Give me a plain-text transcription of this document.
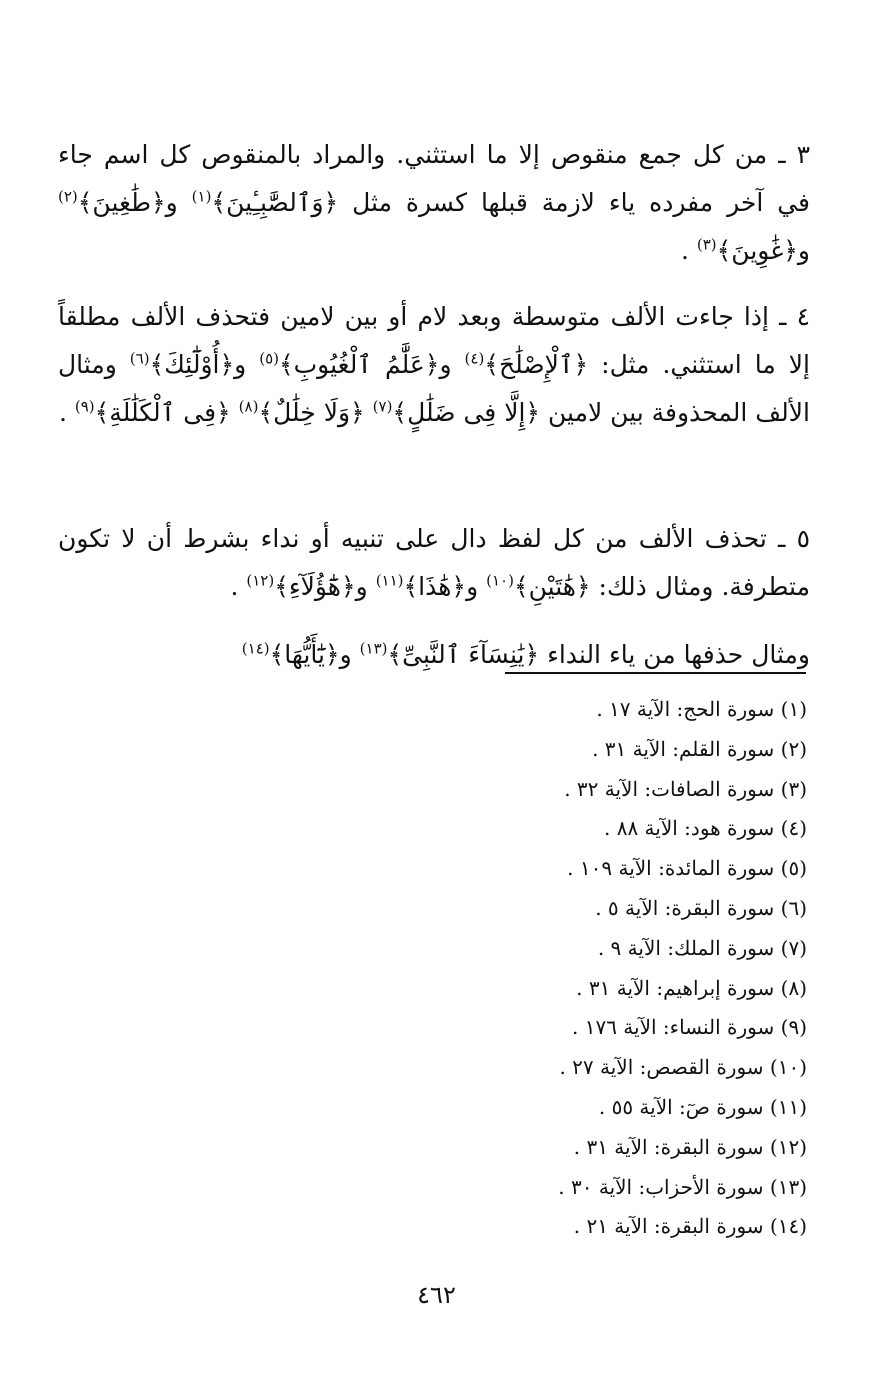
٣ ـ من كل جمع منقوص إلا ما استثني. والمراد بالمنقوص كل اسم جاء في آخر مفرده ياء لازمة قبلها كسرة مثل ﴿وَٱلصَّٰبِـِٔينَ﴾$^{(١)}$ و﴿طَٰغِينَ﴾$^{(٢)}$ و﴿غَٰوِينَ﴾$^{(٣)}$ .

٤ ـ إذا جاءت الألف متوسطة وبعد لام أو بين لامين فتحذف الألف مطلقاً إلا ما استثني. مثل: ﴿ٱلْإِصْلَٰحَ﴾$^{(٤)}$ و﴿عَلَّٰمُ ٱلْغُيُوبِ﴾$^{(٥)}$ و﴿أُوْلَٰٓئِكَ﴾$^{(٦)}$ ومثال الألف المحذوفة بين لامين ﴿إِلَّا فِى ضَلَٰلٍ﴾$^{(٧)}$ ﴿وَلَا خِلَٰلٌ﴾$^{(٨)}$ ﴿فِى ٱلْكَلَٰلَةِ﴾$^{(٩)}$ .

٥ ـ تحذف الألف من كل لفظ دال على تنبيه أو نداء بشرط أن لا تكون متطرفة. ومثال ذلك: ﴿هَٰتَيْنِ﴾$^{(١٠)}$ و﴿هَٰذَا﴾$^{(١١)}$ و﴿هَٰٓؤُلَآءِ﴾$^{(١٢)}$ .

ومثال حذفها من ياء النداء ﴿يَٰنِسَآءَ ٱلنَّبِىِّ﴾$^{(١٣)}$ و﴿يَٰٓأَيُّهَا﴾$^{(١٤)}$

(١) سورة الحج: الآية ١٧ .
(٢) سورة القلم: الآية ٣١ .
(٣) سورة الصافات: الآية ٣٢ .
(٤) سورة هود: الآية ٨٨ .
(٥) سورة المائدة: الآية ١٠٩ .
(٦) سورة البقرة: الآية ٥ .
(٧) سورة الملك: الآية ٩ .
(٨) سورة إبراهيم: الآية ٣١ .
(٩) سورة النساء: الآية ١٧٦ .
(١٠) سورة القصص: الآية ٢٧ .
(١١) سورة صٓ: الآية ٥٥ .
(١٢) سورة البقرة: الآية ٣١ .
(١٣) سورة الأحزاب: الآية ٣٠ .
(١٤) سورة البقرة: الآية ٢١ .
٤٦٢
